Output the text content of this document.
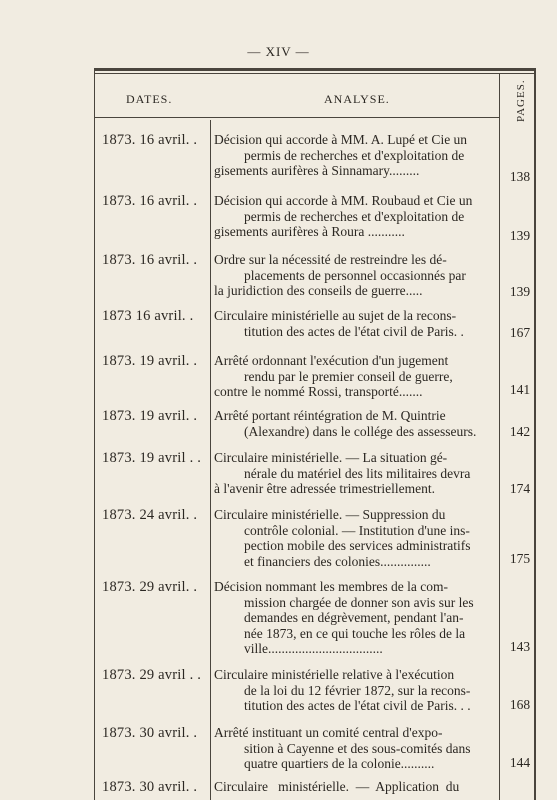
— XIV —
DATES.	ANALYSE.	PAGES.
1873. 16 avril. . Décision qui accorde à MM. A. Lupé et Cie un
permis de recherches et d'exploitation de
gisements aurifères à Sinnamary.........	138
1873. 16 avril. . Décision qui accorde à MM. Roubaud et Cie un
permis de recherches et d'exploitation de
gisements aurifères à Roura ...........	139
1873. 16 avril. . Ordre sur la nécessité de restreindre les dé-
placements de personnel occasionnés par
la juridiction des conseils de guerre.....	139
1873 16 avril. . Circulaire ministérielle au sujet de la recons-
titution des actes de l'état civil de Paris. .	167
1873. 19 avril. . Arrêté ordonnant l'exécution d'un jugement
rendu par le premier conseil de guerre,
contre le nommé Rossi, transporté.......	141
1873. 19 avril. . Arrêté portant réintégration de M. Quintrie
(Alexandre) dans le collége des assesseurs.	142
1873. 19 avril . . Circulaire ministérielle. — La situation gé-
nérale du matériel des lits militaires devra
à l'avenir être adressée trimestriellement.	174
1873. 24 avril. . Circulaire ministérielle. — Suppression du
contrôle colonial. — Institution d'une ins-
pection mobile des services administratifs
et financiers des colonies...............	175
1873. 29 avril. . Décision nommant les membres de la com-
mission chargée de donner son avis sur les
demandes en dégrèvement, pendant l'an-
née 1873, en ce qui touche les rôles de la
ville..................................	143
1873. 29 avril . . Circulaire ministérielle relative à l'exécution
de la loi du 12 février 1872, sur la recons-
titution des actes de l'état civil de Paris. . .	168
1873. 30 avril. . Arrêté instituant un comité central d'expo-
sition à Cayenne et des sous-comités dans
quatre quartiers de la colonie..........	144
1873. 30 avril. . Circulaire   ministérielle.  —  Application  du
